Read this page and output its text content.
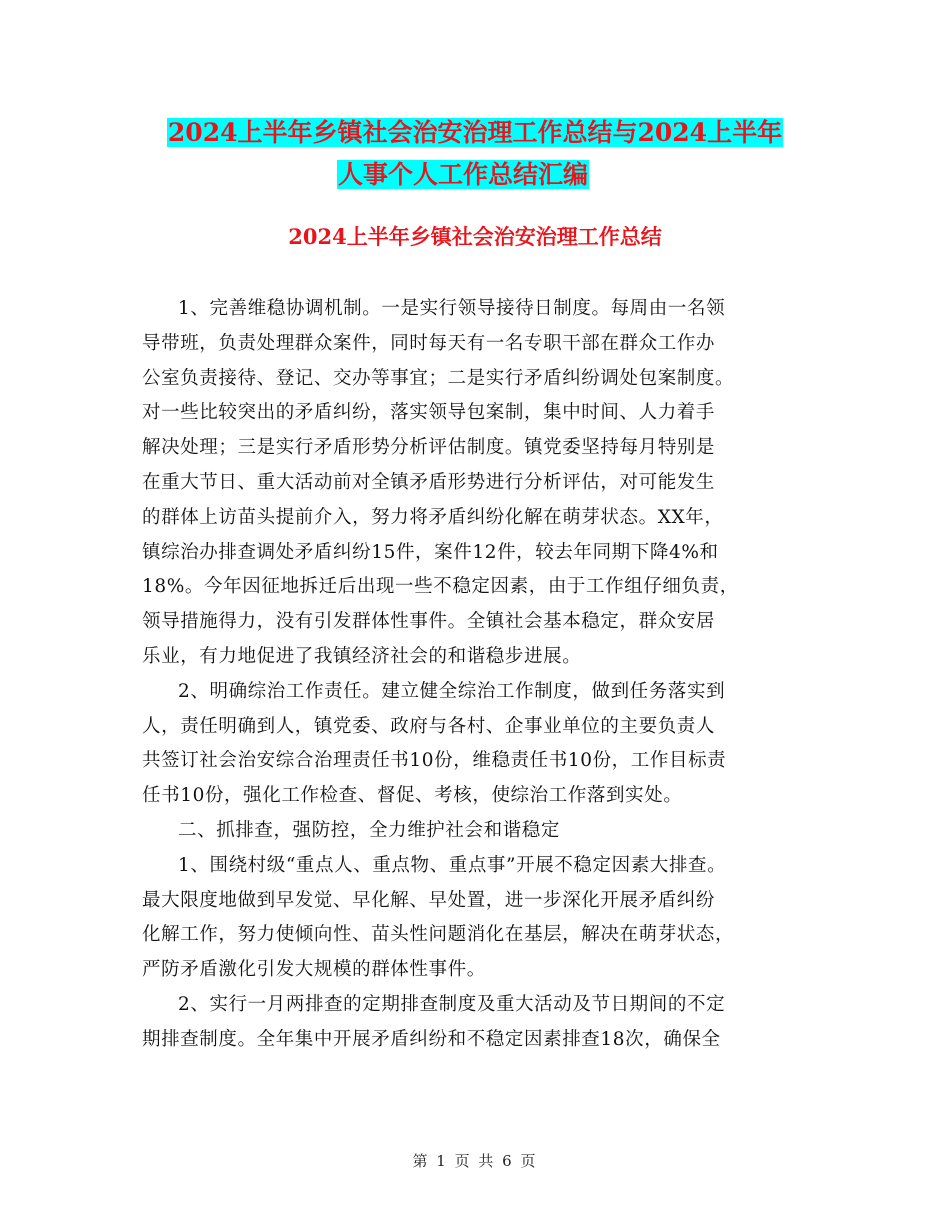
2024上半年乡镇社会治安治理工作总结与2024上半年
人事个人工作总结汇编
2024上半年乡镇社会治安治理工作总结
1、完善维稳协调机制。一是实行领导接待日制度。每周由一名领
导带班，负责处理群众案件，同时每天有一名专职干部在群众工作办
公室负责接待、登记、交办等事宜；二是实行矛盾纠纷调处包案制度。
对一些比较突出的矛盾纠纷，落实领导包案制，集中时间、人力着手
解决处理；三是实行矛盾形势分析评估制度。镇党委坚持每月特别是
在重大节日、重大活动前对全镇矛盾形势进行分析评估，对可能发生
的群体上访苗头提前介入，努力将矛盾纠纷化解在萌芽状态。XX年，
镇综治办排查调处矛盾纠纷15件，案件12件，较去年同期下降4%和
18%。今年因征地拆迁后出现一些不稳定因素，由于工作组仔细负责，
领导措施得力，没有引发群体性事件。全镇社会基本稳定，群众安居
乐业，有力地促进了我镇经济社会的和谐稳步进展。
2、明确综治工作责任。建立健全综治工作制度，做到任务落实到
人，责任明确到人，镇党委、政府与各村、企事业单位的主要负责人
共签订社会治安综合治理责任书10份，维稳责任书10份，工作目标责
任书10份，强化工作检查、督促、考核，使综治工作落到实处。
二、抓排查，强防控，全力维护社会和谐稳定
1、围绕村级“重点人、重点物、重点事”开展不稳定因素大排查。
最大限度地做到早发觉、早化解、早处置，进一步深化开展矛盾纠纷
化解工作，努力使倾向性、苗头性问题消化在基层，解决在萌芽状态，
严防矛盾激化引发大规模的群体性事件。
2、实行一月两排查的定期排查制度及重大活动及节日期间的不定
期排查制度。全年集中开展矛盾纠纷和不稳定因素排查18次，确保全
第 1 页 共 6 页
